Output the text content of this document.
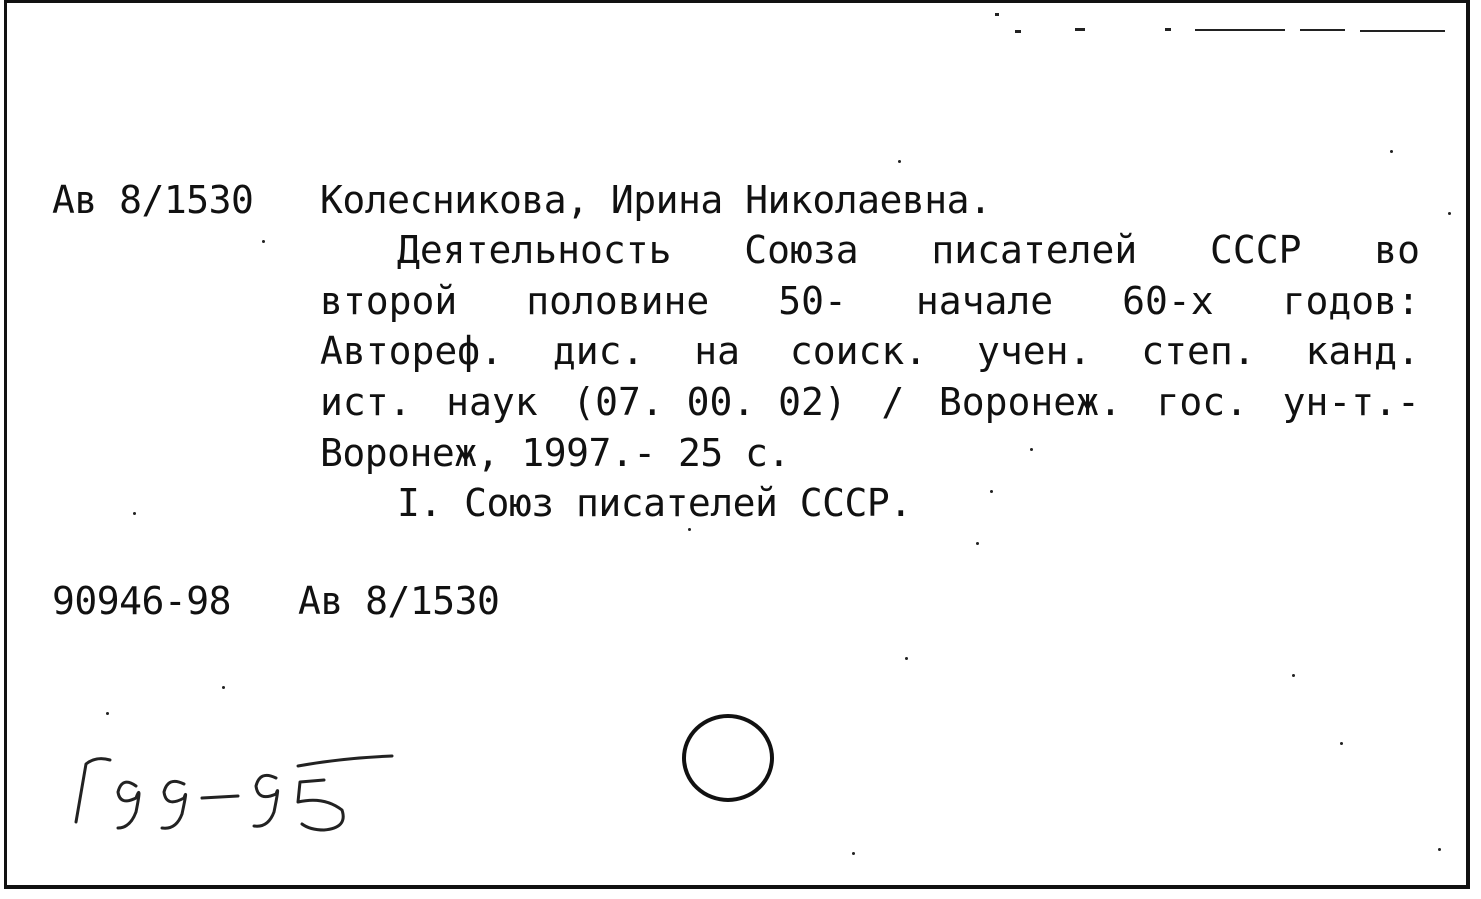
Ав 8/1530 Колесникова, Ирина Николаевна.
Деятельность Союза писателей СССР во
второй половине 50- начале 60-х годов:
Автореф. дис. на соиск. учен. степ. канд.
ист. наук (07. 00. 02) / Воронеж. гос. ун-т.-
Воронеж, 1997.- 25 с.
I. Союз писателей СССР.
90946-98 Ав 8/1530
